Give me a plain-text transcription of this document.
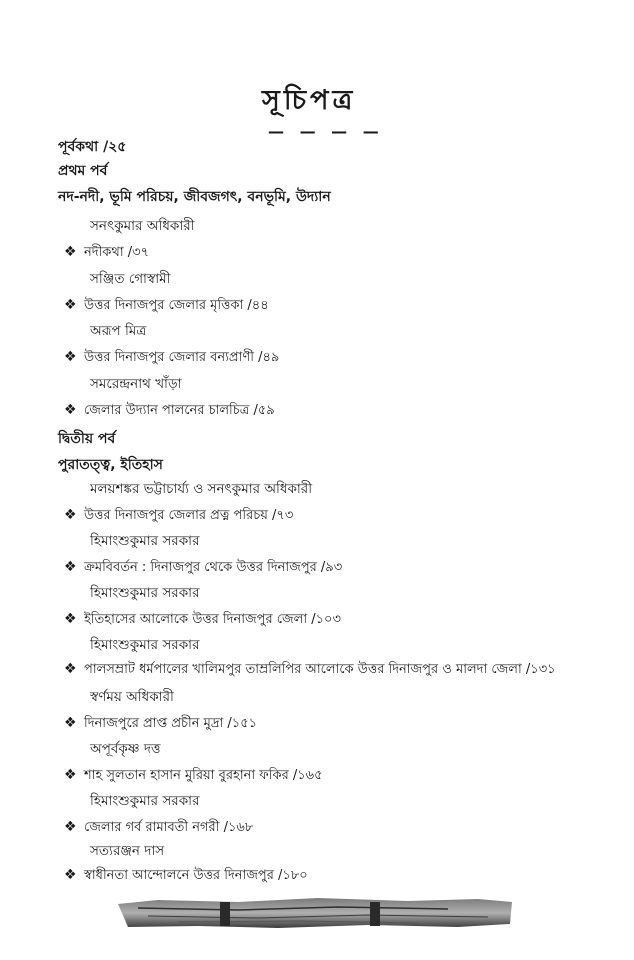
সূচিপত্র
— — — —
পূর্বকথা /২৫
প্রথম পর্ব
নদ-নদী, ভূমি পরিচয়, জীবজগৎ, বনভূমি, উদ্যান
সনৎকুমার অধিকারী
❖ নদীকথা /৩৭
সঞ্জিত গোস্বামী
❖ উত্তর দিনাজপুর জেলার মৃত্তিকা /৪৪
অরূপ মিত্র
❖ উত্তর দিনাজপুর জেলার বন্যপ্রাণী /৪৯
সমরেন্দ্রনাথ খাঁড়া
❖ জেলার উদ্যান পালনের চালচিত্র /৫৯
দ্বিতীয় পর্ব
পুরাতত্ত্ব, ইতিহাস
মলয়শঙ্কর ভট্টাচার্য্য ও সনৎকুমার অধিকারী
❖ উত্তর দিনাজপুর জেলার প্রত্ন পরিচয় /৭৩
হিমাংশুকুমার সরকার
❖ ক্রমবিবর্তন : দিনাজপুর থেকে উত্তর দিনাজপুর /৯৩
হিমাংশুকুমার সরকার
❖ ইতিহাসের আলোকে উত্তর দিনাজপুর জেলা /১০৩
হিমাংশুকুমার সরকার
❖ পালসম্রাট ধর্মপালের খালিমপুর তাম্রলিপির আলোকে উত্তর দিনাজপুর ও মালদা জেলা /১৩১
স্বর্ণময় অধিকারী
❖ দিনাজপুরে প্রাপ্ত প্রচীন মুদ্রা /১৫১
অপূর্বকৃষ্ণ দত্ত
❖ শাহ সুলতান হাসান মুরিয়া বুরহানা ফকির /১৬৫
হিমাংশুকুমার সরকার
❖ জেলার গর্ব রামাবতী নগরী /১৬৮
সত্যরঞ্জন দাস
❖ স্বাধীনতা আন্দোলনে উত্তর দিনাজপুর /১৮০
